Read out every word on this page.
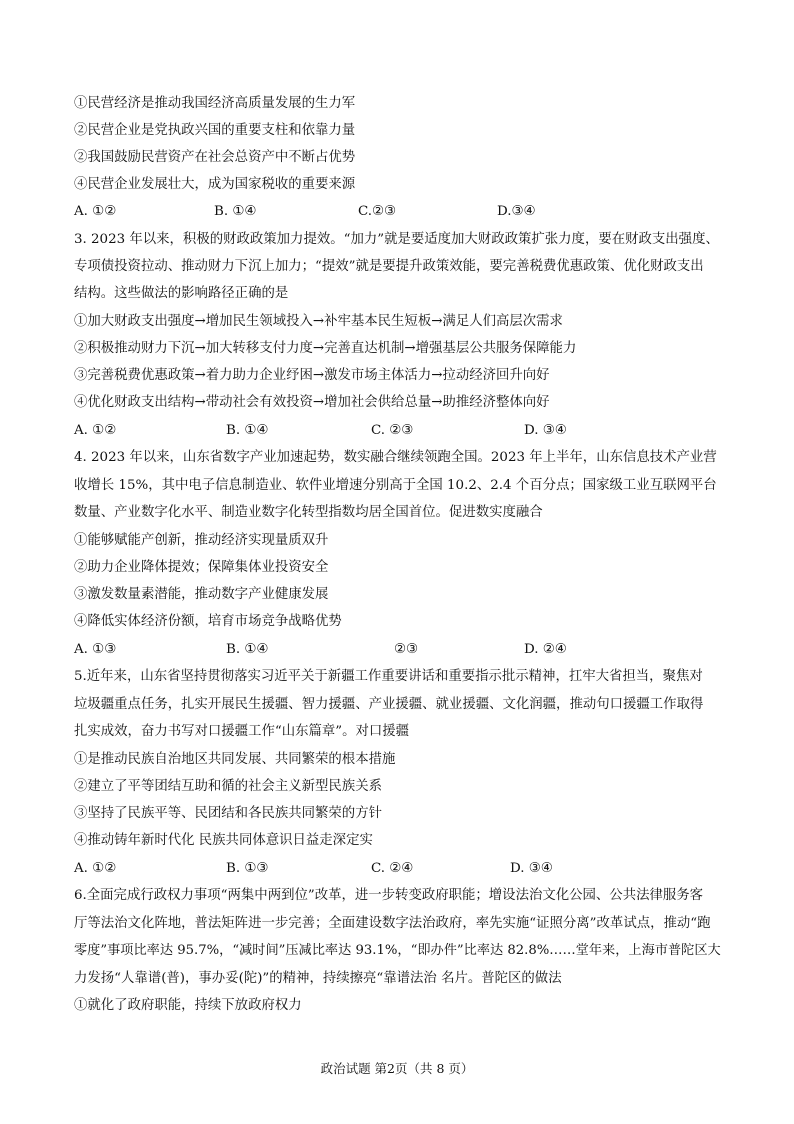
①民营经济是推动我国经济高质量发展的生力军
②民营企业是党执政兴国的重要支柱和依靠力量
②我国鼓励民营资产在社会总资产中不断占优势
④民营企业发展壮大，成为国家税收的重要来源
A. ①②	B. ①④	C.②③	D.③④
3. 2023 年以来，积极的财政政策加力提效。“加力”就是要适度加大财政政策扩张力度，要在财政支出强度、
专项债投资拉动、推动财力下沉上加力；“提效”就是要提升政策效能，要完善税费优惠政策、优化财政支出
结构。这些做法的影响路径正确的是
①加大财政支出强度→增加民生领域投入→补牢基本民生短板→满足人们高层次需求
②积极推动财力下沉→加大转移支付力度→完善直达机制→增强基层公共服务保障能力
③完善税费优惠政策→着力助力企业纾困→激发市场主体活力→拉动经济回升向好
④优化财政支出结构→带动社会有效投资→增加社会供给总量→助推经济整体向好
A. ①②	B. ①④	C. ②③	D. ③④
4. 2023 年以来，山东省数字产业加速起势，数实融合继续领跑全国。2023 年上半年，山东信息技术产业营
收增长 15%，其中电子信息制造业、软件业增速分别高于全国 10.2、2.4 个百分点；国家级工业互联网平台
数量、产业数字化水平、制造业数字化转型指数均居全国首位。促进数实度融合
①能够赋能产创新，推动经济实现量质双升
②助力企业降体提效；保障集体业投资安全
③激发数量素潜能，推动数字产业健康发展
④降低实体经济份额，培育市场竞争战略优势
A. ①③	B. ①④	②③	D. ②④
5.近年来，山东省坚持贯彻落实习近平关于新疆工作重要讲话和重要指示批示精神，扛牢大省担当，聚焦对
垃圾疆重点任务，扎实开展民生援疆、智力援疆、产业援疆、就业援疆、文化润疆，推动句口援疆工作取得
扎实成效，奋力书写对口援疆工作“山东篇章”。对口援疆
①是推动民族自治地区共同发展、共同繁荣的根本措施
②建立了平等团结互助和循的社会主义新型民族关系
③坚持了民族平等、民团结和各民族共同繁荣的方针
④推动铸年新时代化 民族共同体意识日益走深定实
A. ①②	B. ①③	C. ②④	D. ③④
6.全面完成行政权力事项“两集中两到位”改革，进一步转变政府职能；增设法治文化公园、公共法律服务客
厅等法治文化阵地，普法矩阵进一步完善；全面建设数字法治政府，率先实施“证照分离”改革试点，推动“跑
零度”事项比率达 95.7%，“减时间”压减比率达 93.1%，“即办件”比率达 82.8%……堂年来，上海市普陀区大
力发扬“人靠谱(普)，事办妥(陀)”的精神，持续擦亮“靠谱法治 名片。普陀区的做法
①就化了政府职能，持续下放政府权力
政治试题 第2页（共 8 页）
